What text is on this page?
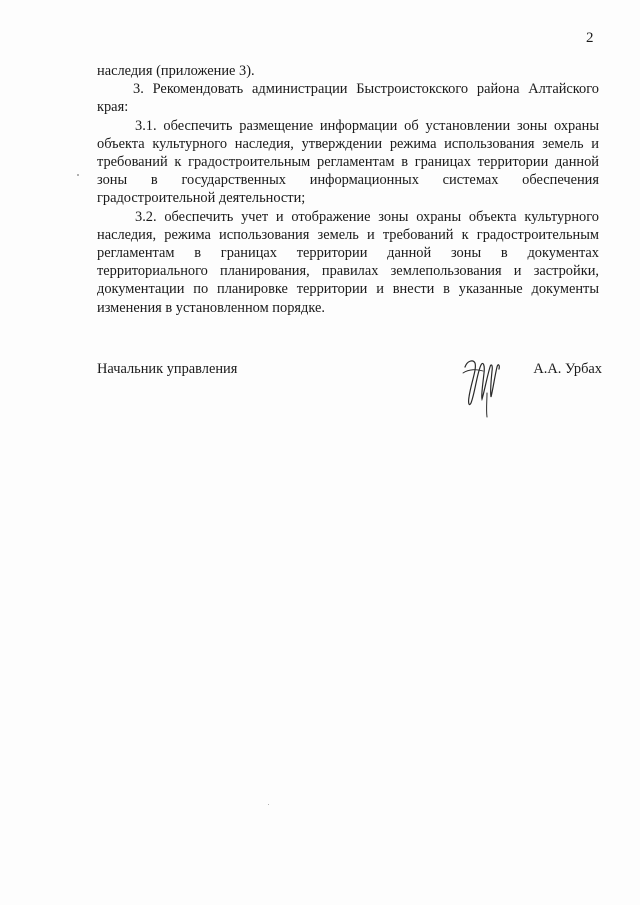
2

наследия (приложение 3).

3. Рекомендовать администрации Быстроистокского района Алтайского края:

3.1. обеспечить размещение информации об установлении зоны охраны объекта культурного наследия, утверждении режима использования земель и требований к градостроительным регламентам в границах территории данной зоны в государственных информационных системах обеспечения градостроительной деятельности;

3.2. обеспечить учет и отображение зоны охраны объекта культурного наследия, режима использования земель и требований к градостроительным регламентам в границах территории данной зоны в документах территориального планирования, правилах землепользования и застройки, документации по планировке территории и внести в указанные документы изменения в установленном порядке.

Начальник управления	А.А. Урбах
